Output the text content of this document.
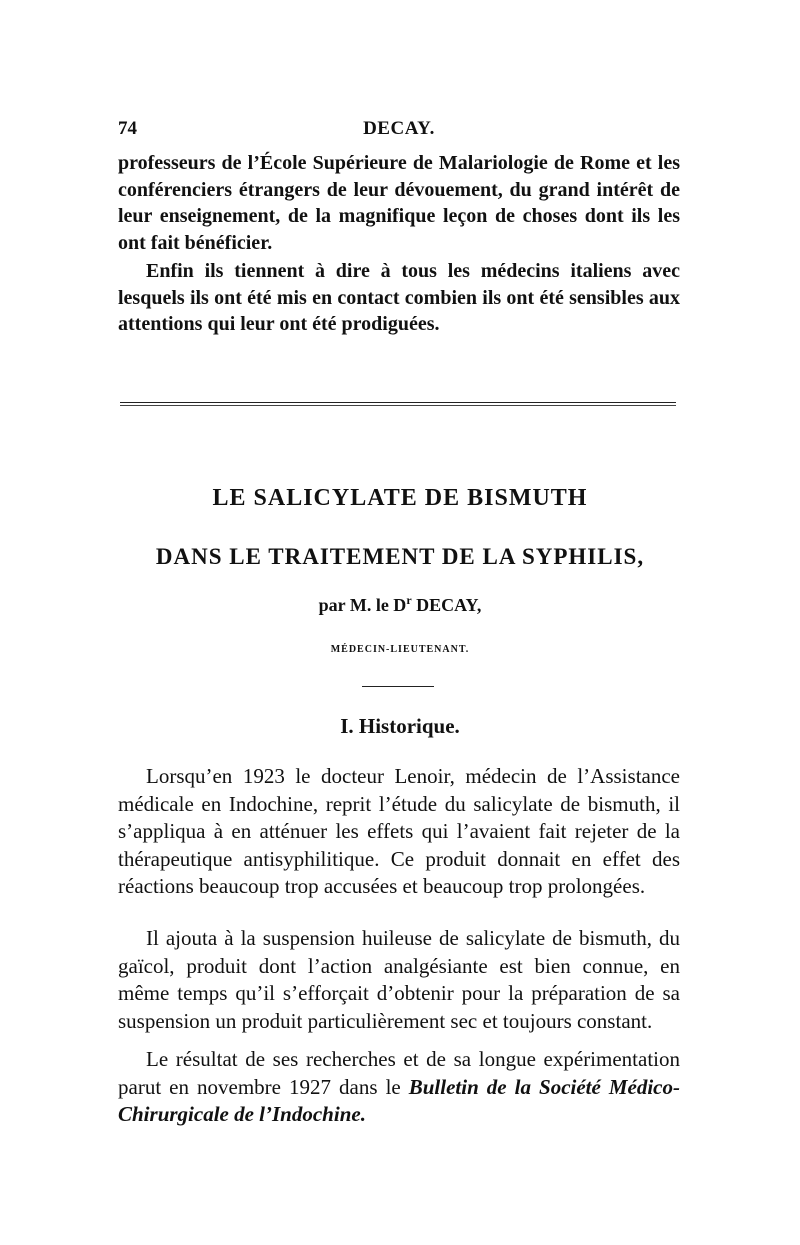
74	DECAY.

professeurs de l’École Supérieure de Malariologie de Rome et les conférenciers étrangers de leur dévouement, du grand intérêt de leur enseignement, de la magnifique leçon de choses dont ils les ont fait bénéficier.

Enfin ils tiennent à dire à tous les médecins italiens avec lesquels ils ont été mis en contact combien ils ont été sensibles aux attentions qui leur ont été prodiguées.

LE SALICYLATE DE BISMUTH
DANS LE TRAITEMENT DE LA SYPHILIS,

par M. le $D^r$ DECAY,

MÉDECIN-LIEUTENANT.

I. Historique.

Lorsqu’en 1923 le docteur Lenoir, médecin de l’Assistance médicale en Indochine, reprit l’étude du salicylate de bismuth, il s’appliqua à en atténuer les effets qui l’avaient fait rejeter de la thérapeutique antisyphilitique. Ce produit donnait en effet des réactions beaucoup trop accusées et beaucoup trop prolongées.

Il ajouta à la suspension huileuse de salicylate de bismuth, du gaïcol, produit dont l’action analgésiante est bien connue, en même temps qu’il s’efforçait d’obtenir pour la préparation de sa suspension un produit particulièrement sec et toujours constant.

Le résultat de ses recherches et de sa longue expérimentation parut en novembre 1927 dans le Bulletin de la Société Médico-Chirurgicale de l’Indochine.
